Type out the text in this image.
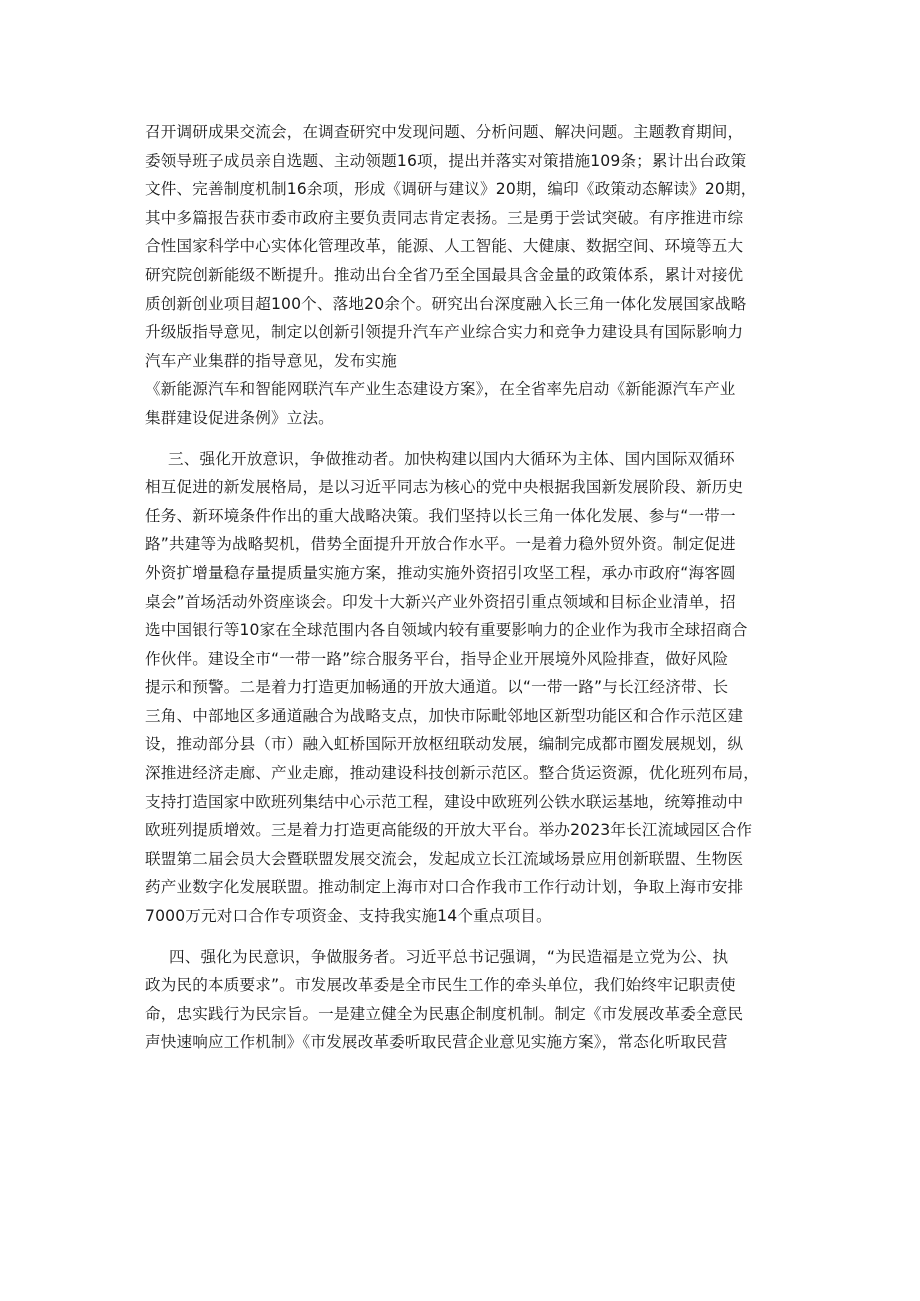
召开调研成果交流会，在调查研究中发现问题、分析问题、解决问题。主题教育期间，
委领导班子成员亲自选题、主动领题16项，提出并落实对策措施109条；累计出台政策
文件、完善制度机制16余项，形成《调研与建议》20期，编印《政策动态解读》20期，
其中多篇报告获市委市政府主要负责同志肯定表扬。三是勇于尝试突破。有序推进市综
合性国家科学中心实体化管理改革，能源、人工智能、大健康、数据空间、环境等五大
研究院创新能级不断提升。推动出台全省乃至全国最具含金量的政策体系，累计对接优
质创新创业项目超100个、落地20余个。研究出台深度融入长三角一体化发展国家战略
升级版指导意见，制定以创新引领提升汽车产业综合实力和竞争力建设具有国际影响力
汽车产业集群的指导意见，发布实施
《新能源汽车和智能网联汽车产业生态建设方案》，在全省率先启动《新能源汽车产业
集群建设促进条例》立法。
三、强化开放意识，争做推动者。加快构建以国内大循环为主体、国内国际双循环
相互促进的新发展格局，是以习近平同志为核心的党中央根据我国新发展阶段、新历史
任务、新环境条件作出的重大战略决策。我们坚持以长三角一体化发展、参与“一带一
路”共建等为战略契机，借势全面提升开放合作水平。一是着力稳外贸外资。制定促进
外资扩增量稳存量提质量实施方案，推动实施外资招引攻坚工程，承办市政府“海客圆
桌会”首场活动外资座谈会。印发十大新兴产业外资招引重点领域和目标企业清单，招
选中国银行等10家在全球范围内各自领域内较有重要影响力的企业作为我市全球招商合
作伙伴。建设全市“一带一路”综合服务平台，指导企业开展境外风险排查，做好风险
提示和预警。二是着力打造更加畅通的开放大通道。以“一带一路”与长江经济带、长
三角、中部地区多通道融合为战略支点，加快市际毗邻地区新型功能区和合作示范区建
设，推动部分县（市）融入虹桥国际开放枢纽联动发展，编制完成都市圈发展规划，纵
深推进经济走廊、产业走廊，推动建设科技创新示范区。整合货运资源，优化班列布局，
支持打造国家中欧班列集结中心示范工程，建设中欧班列公铁水联运基地，统筹推动中
欧班列提质增效。三是着力打造更高能级的开放大平台。举办2023年长江流域园区合作
联盟第二届会员大会暨联盟发展交流会，发起成立长江流域场景应用创新联盟、生物医
药产业数字化发展联盟。推动制定上海市对口合作我市工作行动计划，争取上海市安排
7000万元对口合作专项资金、支持我实施14个重点项目。
四、强化为民意识，争做服务者。习近平总书记强调，“为民造福是立党为公、执
政为民的本质要求”。市发展改革委是全市民生工作的牵头单位，我们始终牢记职责使
命，忠实践行为民宗旨。一是建立健全为民惠企制度机制。制定《市发展改革委全意民
声快速响应工作机制》《市发展改革委听取民营企业意见实施方案》，常态化听取民营
